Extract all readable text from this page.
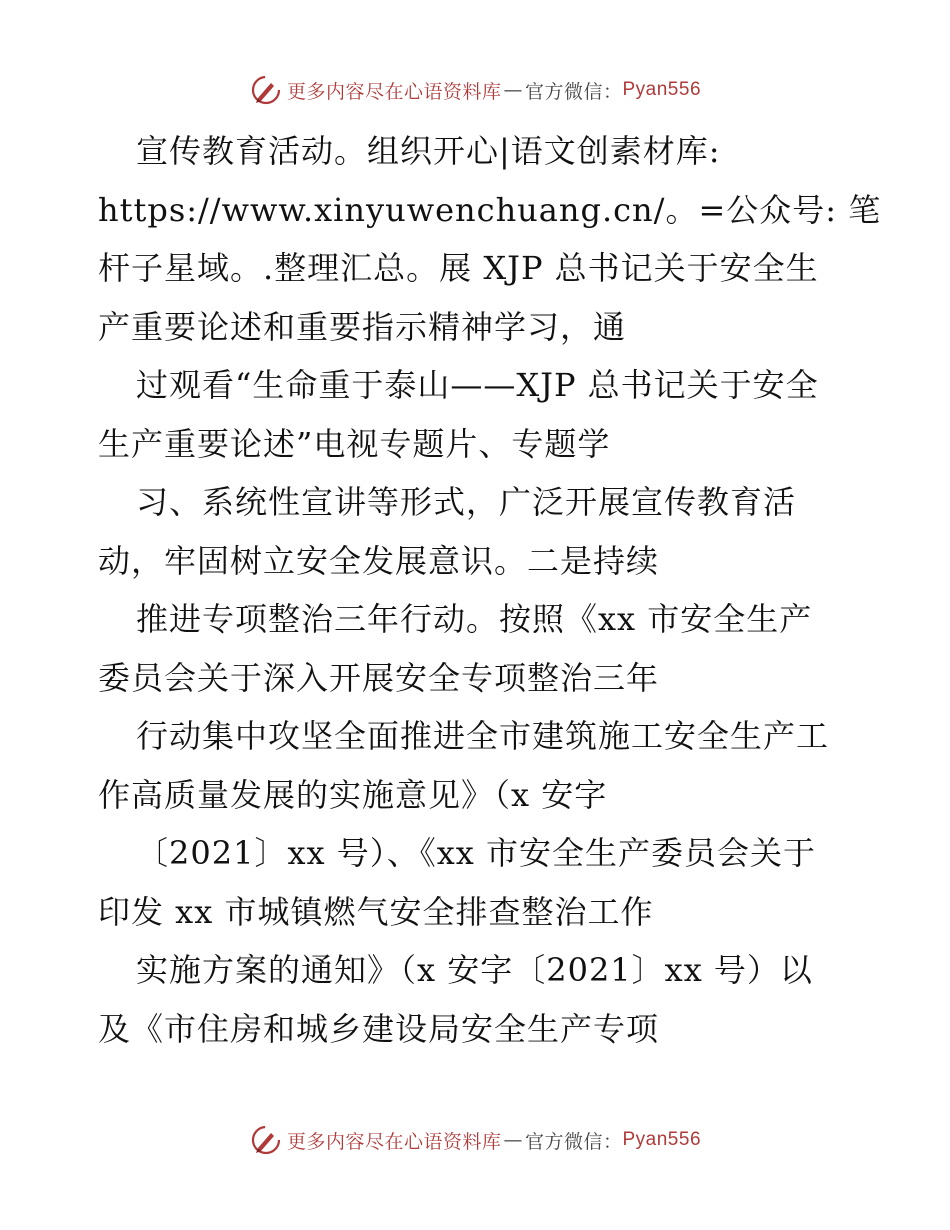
更多内容尽在心语资料库 — 官方微信： Pyan556
宣传教育活动。组织开心|语文创素材库:
https://www.xinyuwenchuang.cn/。=公众号: 笔
杆子星域。.整理汇总。展 XJP 总书记关于安全生
产重要论述和重要指示精神学习，通
过观看“生命重于泰山——XJP 总书记关于安全
生产重要论述”电视专题片、专题学
习、系统性宣讲等形式，广泛开展宣传教育活
动，牢固树立安全发展意识。二是持续
推进专项整治三年行动。按照《xx 市安全生产
委员会关于深入开展安全专项整治三年
行动集中攻坚全面推进全市建筑施工安全生产工
作高质量发展的实施意见》（x 安字
〔2021〕xx 号）、《xx 市安全生产委员会关于
印发 xx 市城镇燃气安全排查整治工作
实施方案的通知》（x 安字〔2021〕xx 号）以
及《市住房和城乡建设局安全生产专项
更多内容尽在心语资料库 — 官方微信： Pyan556
